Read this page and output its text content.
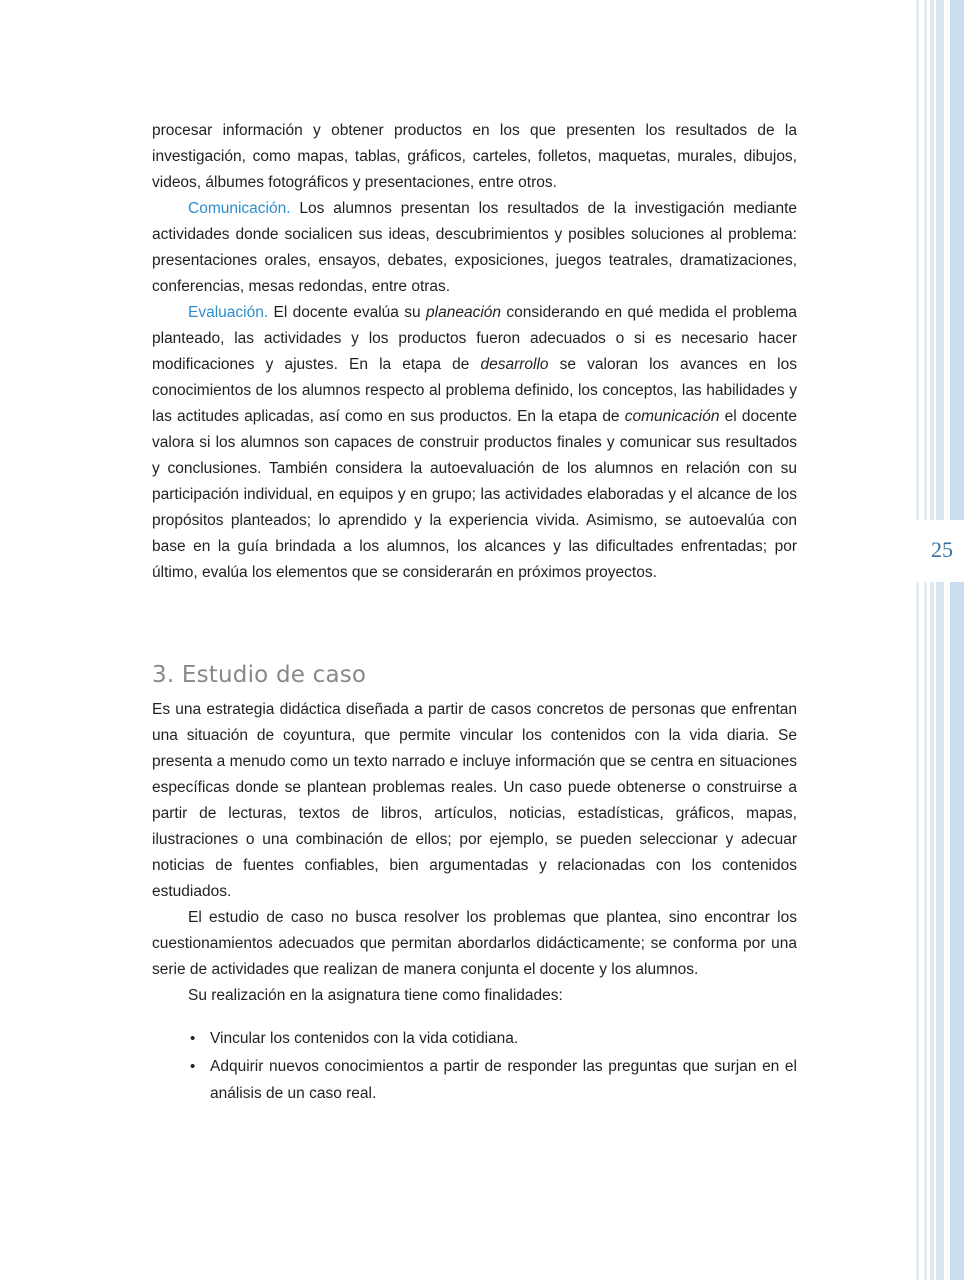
25

procesar información y obtener productos en los que presenten los resultados de la investigación, como mapas, tablas, gráficos, carteles, folletos, maquetas, murales, dibujos, videos, álbumes fotográficos y presentaciones, entre otros.

Comunicación. Los alumnos presentan los resultados de la investigación mediante actividades donde socialicen sus ideas, descubrimientos y posibles soluciones al problema: presentaciones orales, ensayos, debates, exposiciones, juegos teatrales, dramatizaciones, conferencias, mesas redondas, entre otras.

Evaluación. El docente evalúa su planeación considerando en qué medida el problema planteado, las actividades y los productos fueron adecuados o si es necesario hacer modificaciones y ajustes. En la etapa de desarrollo se valoran los avances en los conocimientos de los alumnos respecto al problema definido, los conceptos, las habilidades y las actitudes aplicadas, así como en sus productos. En la etapa de comunicación el docente valora si los alumnos son capaces de construir productos finales y comunicar sus resultados y conclusiones. También considera la autoevaluación de los alumnos en relación con su participación individual, en equipos y en grupo; las actividades elaboradas y el alcance de los propósitos planteados; lo aprendido y la experiencia vivida. Asimismo, se autoevalúa con base en la guía brindada a los alumnos, los alcances y las dificultades enfrentadas; por último, evalúa los elementos que se considerarán en próximos proyectos.

3. Estudio de caso

Es una estrategia didáctica diseñada a partir de casos concretos de personas que enfrentan una situación de coyuntura, que permite vincular los contenidos con la vida diaria. Se presenta a menudo como un texto narrado e incluye información que se centra en situaciones específicas donde se plantean problemas reales. Un caso puede obtenerse o construirse a partir de lecturas, textos de libros, artículos, noticias, estadísticas, gráficos, mapas, ilustraciones o una combinación de ellos; por ejemplo, se pueden seleccionar y adecuar noticias de fuentes confiables, bien argumentadas y relacionadas con los contenidos estudiados.

El estudio de caso no busca resolver los problemas que plantea, sino encontrar los cuestionamientos adecuados que permitan abordarlos didácticamente; se conforma por una serie de actividades que realizan de manera conjunta el docente y los alumnos.

Su realización en la asignatura tiene como finalidades:

• Vincular los contenidos con la vida cotidiana.
• Adquirir nuevos conocimientos a partir de responder las preguntas que surjan en el análisis de un caso real.
